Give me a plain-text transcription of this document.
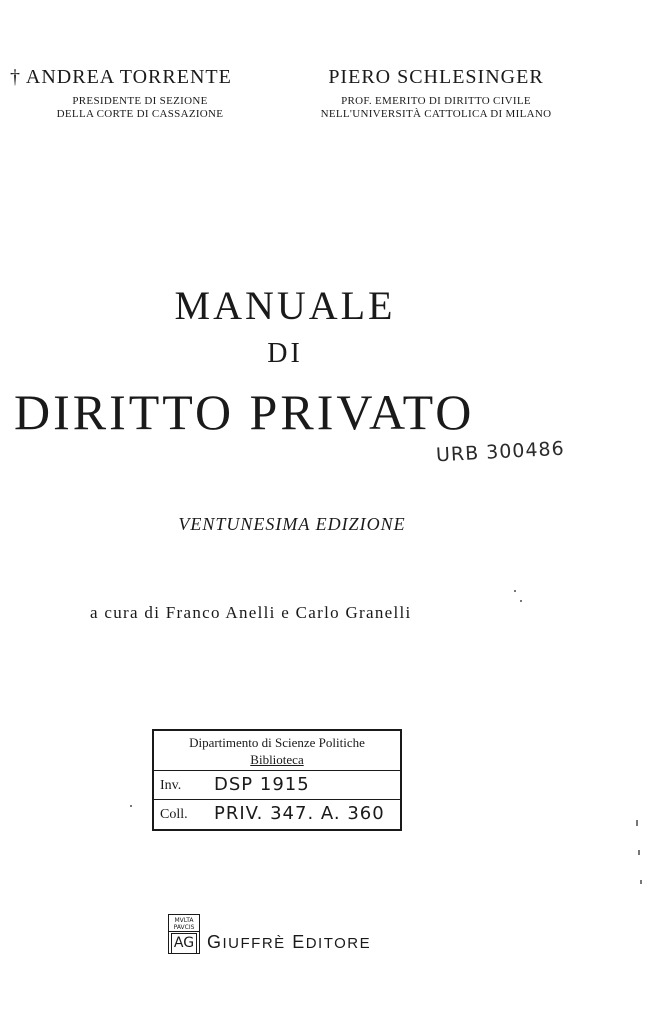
† ANDREA TORRENTE
PRESIDENTE DI SEZIONE
DELLA CORTE DI CASSAZIONE
PIERO SCHLESINGER
PROF. EMERITO DI DIRITTO CIVILE
NELL'UNIVERSITÀ CATTOLICA DI MILANO
MANUALE
DI
DIRITTO PRIVATO
URB 300486
VENTUNESIMA EDIZIONE
a cura di Franco Anelli e Carlo Granelli
Dipartimento di Scienze Politiche
Biblioteca
Inv. DSP 1915
Coll. PRIV. 347. A. 360
MVLTA PAVCIS
AG GIUFFRÈ EDITORE
